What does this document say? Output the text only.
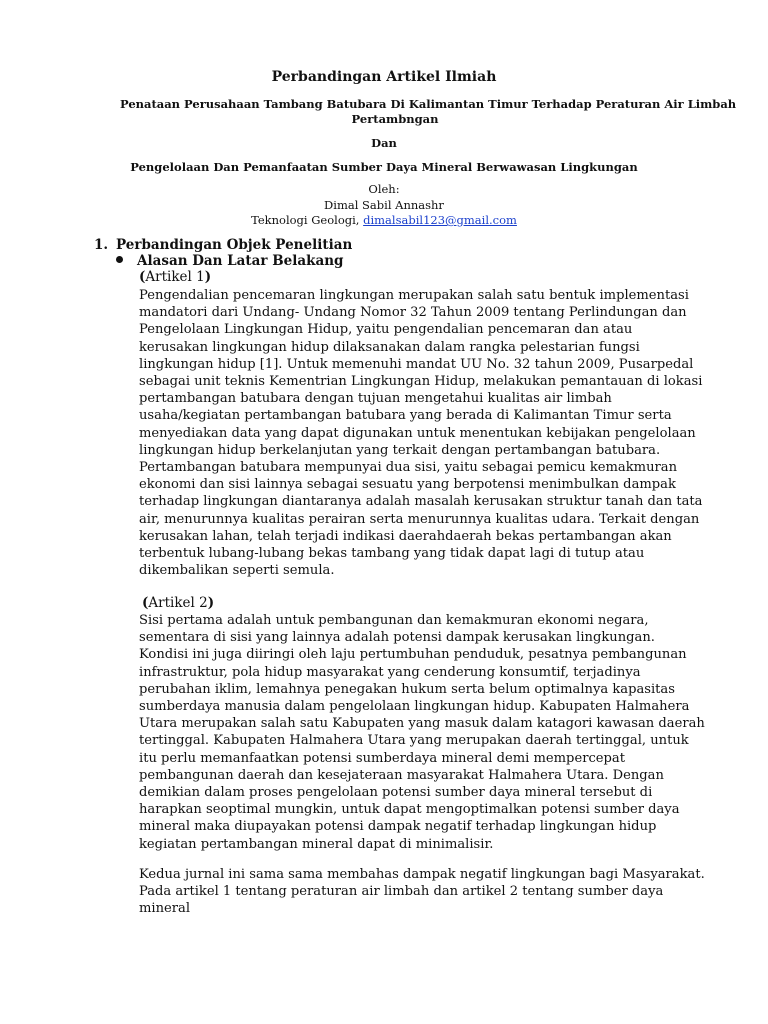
Perbandingan Artikel Ilmiah
Penataan Perusahaan Tambang Batubara Di Kalimantan Timur Terhadap Peraturan Air Limbah
Pertambngan
Dan
Pengelolaan Dan Pemanfaatan Sumber Daya Mineral Berwawasan Lingkungan
Oleh:
Dimal Sabil Annashr
Teknologi Geologi, dimalsabil123@gmail.com
1. Perbandingan Objek Penelitian
Alasan Dan Latar Belakang
(Artikel 1)
Pengendalian pencemaran lingkungan merupakan salah satu bentuk implementasi
mandatori dari Undang- Undang Nomor 32 Tahun 2009 tentang Perlindungan dan
Pengelolaan Lingkungan Hidup, yaitu pengendalian pencemaran dan atau
kerusakan lingkungan hidup dilaksanakan dalam rangka pelestarian fungsi
lingkungan hidup [1]. Untuk memenuhi mandat UU No. 32 tahun 2009, Pusarpedal
sebagai unit teknis Kementrian Lingkungan Hidup, melakukan pemantauan di lokasi
pertambangan batubara dengan tujuan mengetahui kualitas air limbah
usaha/kegiatan pertambangan batubara yang berada di Kalimantan Timur serta
menyediakan data yang dapat digunakan untuk menentukan kebijakan pengelolaan
lingkungan hidup berkelanjutan yang terkait dengan pertambangan batubara.
Pertambangan batubara mempunyai dua sisi, yaitu sebagai pemicu kemakmuran
ekonomi dan sisi lainnya sebagai sesuatu yang berpotensi menimbulkan dampak
terhadap lingkungan diantaranya adalah masalah kerusakan struktur tanah dan tata
air, menurunnya kualitas perairan serta menurunnya kualitas udara. Terkait dengan
kerusakan lahan, telah terjadi indikasi daerahdaerah bekas pertambangan akan
terbentuk lubang-lubang bekas tambang yang tidak dapat lagi di tutup atau
dikembalikan seperti semula.
(Artikel 2)
Sisi pertama adalah untuk pembangunan dan kemakmuran ekonomi negara,
sementara di sisi yang lainnya adalah potensi dampak kerusakan lingkungan.
Kondisi ini juga diiringi oleh laju pertumbuhan penduduk, pesatnya pembangunan
infrastruktur, pola hidup masyarakat yang cenderung konsumtif, terjadinya
perubahan iklim, lemahnya penegakan hukum serta belum optimalnya kapasitas
sumberdaya manusia dalam pengelolaan lingkungan hidup. Kabupaten Halmahera
Utara merupakan salah satu Kabupaten yang masuk dalam katagori kawasan daerah
tertinggal. Kabupaten Halmahera Utara yang merupakan daerah tertinggal, untuk
itu perlu memanfaatkan potensi sumberdaya mineral demi mempercepat
pembangunan daerah dan kesejateraan masyarakat Halmahera Utara. Dengan
demikian dalam proses pengelolaan potensi sumber daya mineral tersebut di
harapkan seoptimal mungkin, untuk dapat mengoptimalkan potensi sumber daya
mineral maka diupayakan potensi dampak negatif terhadap lingkungan hidup
kegiatan pertambangan mineral dapat di minimalisir.
Kedua jurnal ini sama sama membahas dampak negatif lingkungan bagi Masyarakat.
Pada artikel 1 tentang peraturan air limbah dan artikel 2 tentang sumber daya
mineral
